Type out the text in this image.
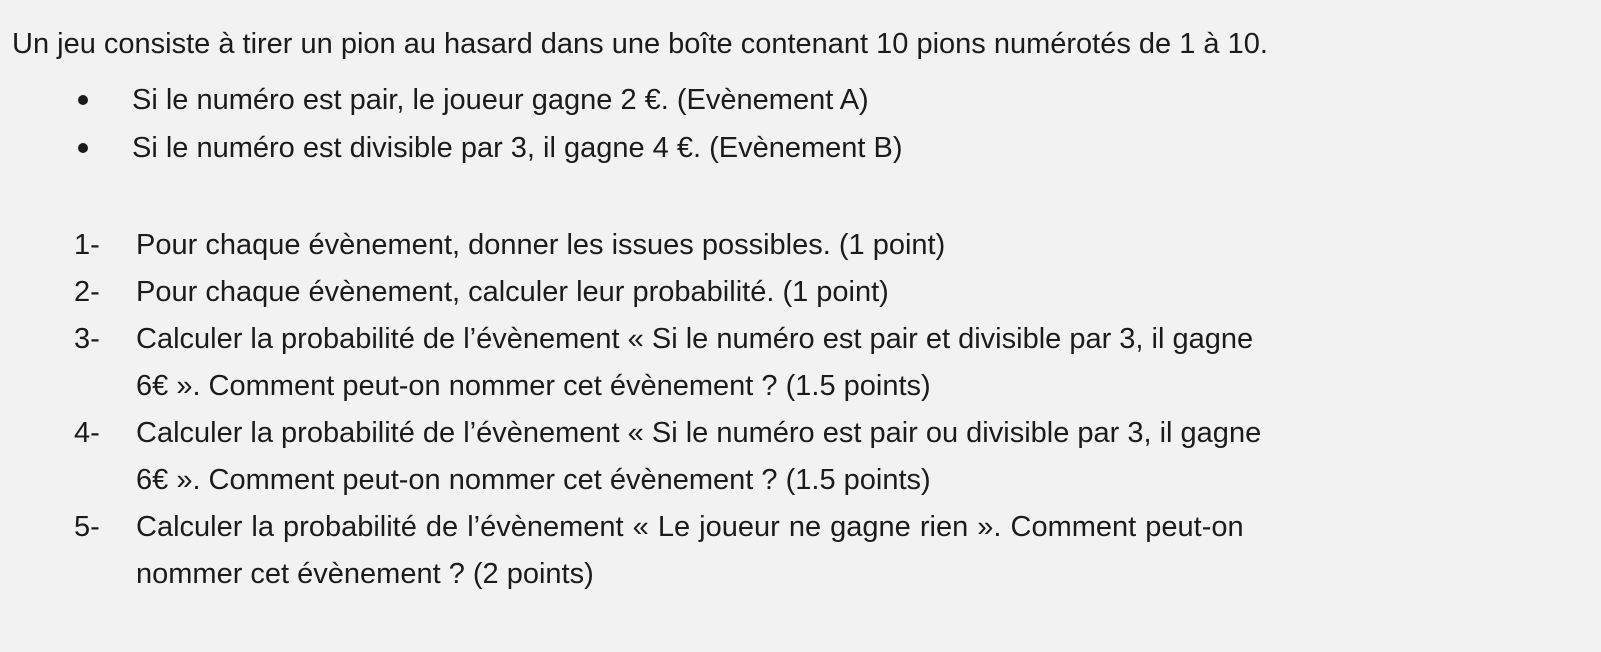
Un jeu consiste à tirer un pion au hasard dans une boîte contenant 10 pions numérotés de 1 à 10.
Si le numéro est pair, le joueur gagne 2 €. (Evènement A)
Si le numéro est divisible par 3, il gagne 4 €. (Evènement B)
1- Pour chaque évènement, donner les issues possibles. (1 point)
2- Pour chaque évènement, calculer leur probabilité. (1 point)
3- Calculer la probabilité de l’évènement « Si le numéro est pair et divisible par 3, il gagne
6€ ». Comment peut-on nommer cet évènement ? (1.5 points)
4- Calculer la probabilité de l’évènement « Si le numéro est pair ou divisible par 3, il gagne
6€ ». Comment peut-on nommer cet évènement ? (1.5 points)
5- Calculer la probabilité de l’évènement « Le joueur ne gagne rien ». Comment peut-on
nommer cet évènement ? (2 points)
